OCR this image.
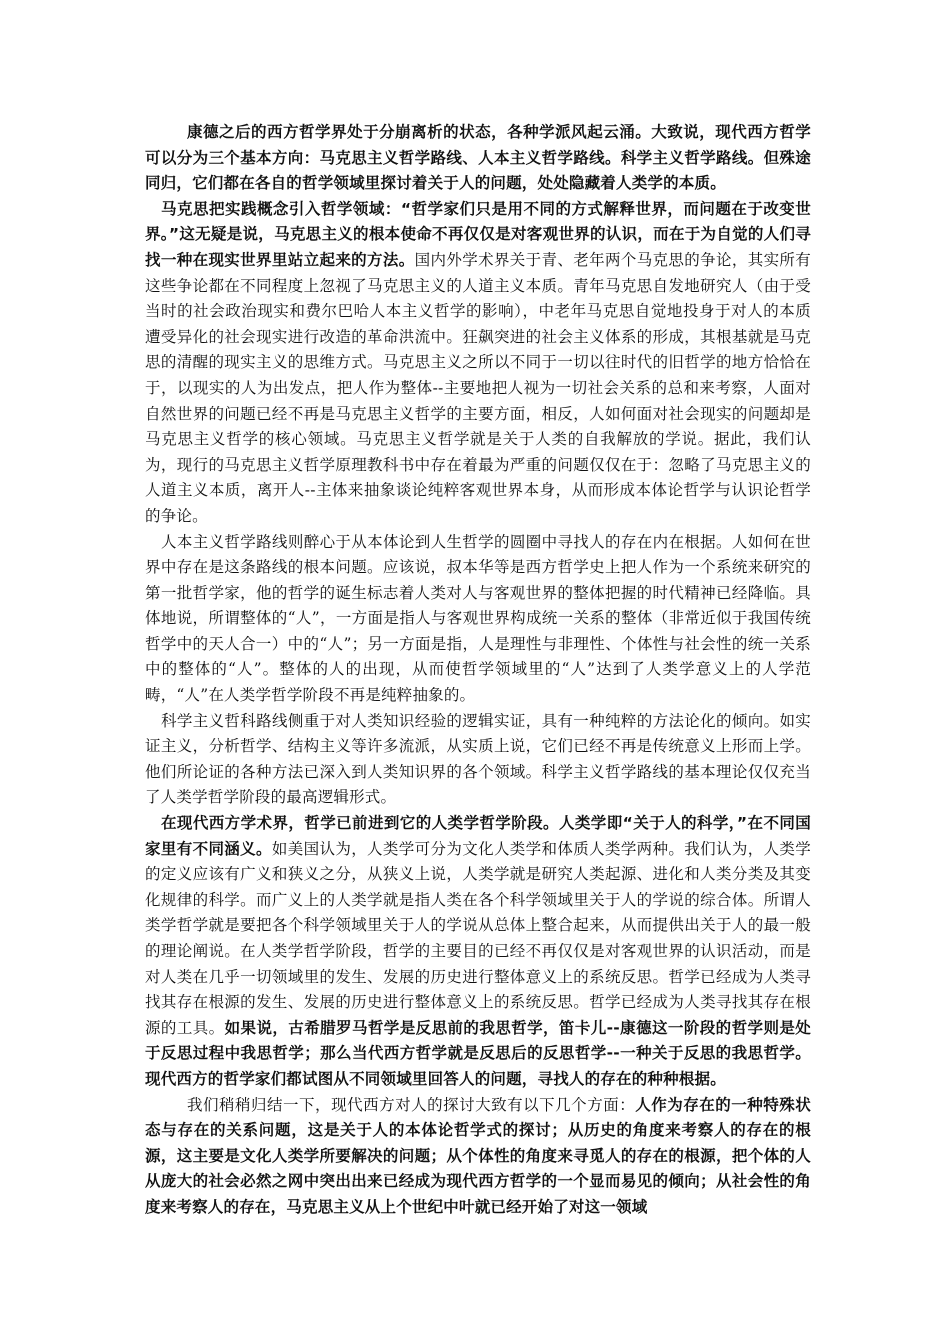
康德之后的西方哲学界处于分崩离析的状态，各种学派风起云涌。大致说，现代西方哲学可以分为三个基本方向：马克思主义哲学路线、人本主义哲学路线。科学主义哲学路线。但殊途同归，它们都在各自的哲学领域里探讨着关于人的问题，处处隐藏着人类学的本质。

马克思把实践概念引入哲学领域：“哲学家们只是用不同的方式解释世界，而问题在于改变世界。”这无疑是说，马克思主义的根本使命不再仅仅是对客观世界的认识，而在于为自觉的人们寻找一种在现实世界里站立起来的方法。国内外学术界关于青、老年两个马克思的争论，其实所有这些争论都在不同程度上忽视了马克思主义的人道主义本质。青年马克思自发地研究人（由于受当时的社会政治现实和费尔巴哈人本主义哲学的影响），中老年马克思自觉地投身于对人的本质遭受异化的社会现实进行改造的革命洪流中。狂飙突进的社会主义体系的形成，其根基就是马克思的清醒的现实主义的思维方式。马克思主义之所以不同于一切以往时代的旧哲学的地方恰恰在于，以现实的人为出发点，把人作为整体--主要地把人视为一切社会关系的总和来考察，人面对自然世界的问题已经不再是马克思主义哲学的主要方面，相反，人如何面对社会现实的问题却是马克思主义哲学的核心领域。马克思主义哲学就是关于人类的自我解放的学说。据此，我们认为，现行的马克思主义哲学原理教科书中存在着最为严重的问题仅仅在于：忽略了马克思主义的人道主义本质，离开人--主体来抽象谈论纯粹客观世界本身，从而形成本体论哲学与认识论哲学的争论。

人本主义哲学路线则醉心于从本体论到人生哲学的圆圈中寻找人的存在内在根据。人如何在世界中存在是这条路线的根本问题。应该说，叔本华等是西方哲学史上把人作为一个系统来研究的第一批哲学家，他的哲学的诞生标志着人类对人与客观世界的整体把握的时代精神已经降临。具体地说，所谓整体的“人”，一方面是指人与客观世界构成统一关系的整体（非常近似于我国传统哲学中的天人合一）中的“人”；另一方面是指，人是理性与非理性、个体性与社会性的统一关系中的整体的“人”。整体的人的出现，从而使哲学领域里的“人”达到了人类学意义上的人学范畴，“人”在人类学哲学阶段不再是纯粹抽象的。

科学主义哲科路线侧重于对人类知识经验的逻辑实证，具有一种纯粹的方法论化的倾向。如实证主义，分析哲学、结构主义等许多流派，从实质上说，它们已经不再是传统意义上形而上学。他们所论证的各种方法已深入到人类知识界的各个领域。科学主义哲学路线的基本理论仅仅充当了人类学哲学阶段的最高逻辑形式。

在现代西方学术界，哲学已前进到它的人类学哲学阶段。人类学即“关于人的科学，”在不同国家里有不同涵义。如美国认为，人类学可分为文化人类学和体质人类学两种。我们认为，人类学的定义应该有广义和狭义之分，从狭义上说，人类学就是研究人类起源、进化和人类分类及其变化规律的科学。而广义上的人类学就是指人类在各个科学领域里关于人的学说的综合体。所谓人类学哲学就是要把各个科学领域里关于人的学说从总体上整合起来，从而提供出关于人的最一般的理论阐说。在人类学哲学阶段，哲学的主要目的已经不再仅仅是对客观世界的认识活动，而是对人类在几乎一切领域里的发生、发展的历史进行整体意义上的系统反思。哲学已经成为人类寻找其存在根源的发生、发展的历史进行整体意义上的系统反思。哲学已经成为人类寻找其存在根源的工具。如果说，古希腊罗马哲学是反思前的我思哲学，笛卡儿--康德这一阶段的哲学则是处于反思过程中我思哲学；那么当代西方哲学就是反思后的反思哲学--一种关于反思的我思哲学。现代西方的哲学家们都试图从不同领域里回答人的问题，寻找人的存在的种种根据。

我们稍稍归结一下，现代西方对人的探讨大致有以下几个方面：人作为存在的一种特殊状态与存在的关系问题，这是关于人的本体论哲学式的探讨；从历史的角度来考察人的存在的根源，这主要是文化人类学所要解决的问题；从个体性的角度来寻觅人的存在的根源，把个体的人从庞大的社会必然之网中突出出来已经成为现代西方哲学的一个显而易见的倾向；从社会性的角度来考察人的存在，马克思主义从上个世纪中叶就已经开始了对这一领域
